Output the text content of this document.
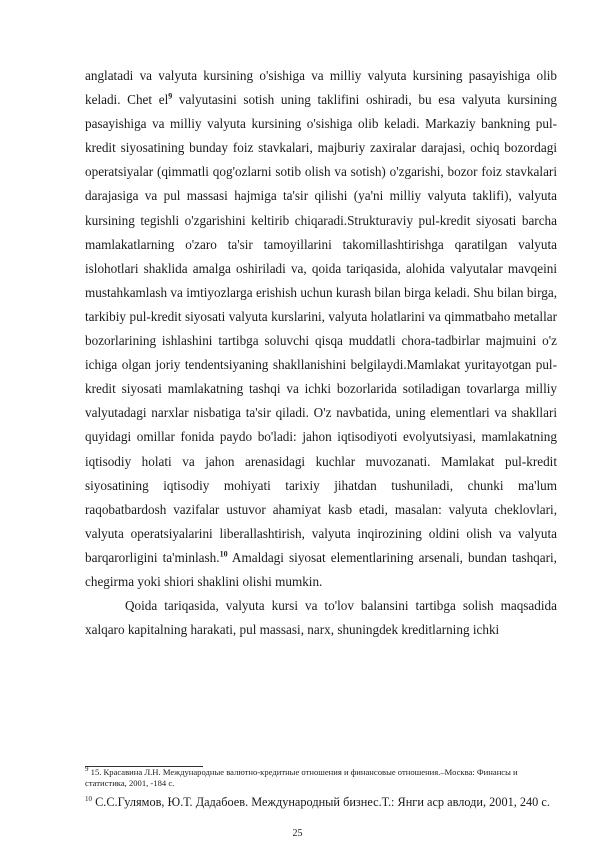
anglatadi va valyuta kursining o'sishiga va milliy valyuta kursining pasayishiga olib keladi. Chet $el^9$ valyutasini sotish uning taklifini oshiradi, bu esa valyuta kursining pasayishiga va milliy valyuta kursining o'sishiga olib keladi. Markaziy bankning pul-kredit siyosatining bunday foiz stavkalari, majburiy zaxiralar darajasi, ochiq bozordagi operatsiyalar (qimmatli qog'ozlarni sotib olish va sotish) o'zgarishi, bozor foiz stavkalari darajasiga va pul massasi hajmiga ta'sir qilishi (ya'ni milliy valyuta taklifi), valyuta kursining tegishli o'zgarishini keltirib chiqaradi.Strukturaviy pul-kredit siyosati barcha mamlakatlarning o'zaro ta'sir tamoyillarini takomillashtirishga qaratilgan valyuta islohotlari shaklida amalga oshiriladi va, qoida tariqasida, alohida valyutalar mavqeini mustahkamlash va imtiyozlarga erishish uchun kurash bilan birga keladi. Shu bilan birga, tarkibiy pul-kredit siyosati valyuta kurslarini, valyuta holatlarini va qimmatbaho metallar bozorlarining ishlashini tartibga soluvchi qisqa muddatli chora-tadbirlar majmuini o'z ichiga olgan joriy tendentsiyaning shakllanishini belgilaydi.Mamlakat yuritayotgan pul-kredit siyosati mamlakatning tashqi va ichki bozorlarida sotiladigan tovarlarga milliy valyutadagi narxlar nisbatiga ta'sir qiladi. O'z navbatida, uning elementlari va shakllari quyidagi omillar fonida paydo bo'ladi: jahon iqtisodiyoti evolyutsiyasi, mamlakatning iqtisodiy holati va jahon arenasidagi kuchlar muvozanati. Mamlakat pul-kredit siyosatining iqtisodiy mohiyati tarixiy jihatdan tushuniladi, chunki ma'lum raqobatbardosh vazifalar ustuvor ahamiyat kasb etadi, masalan: valyuta cheklovlari, valyuta operatsiyalarini liberallashtirish, valyuta inqirozining oldini olish va valyuta barqarorligini ta'minlash.$^{10}$ Amaldagi siyosat elementlarining arsenali, bundan tashqari, chegirma yoki shiori shaklini olishi mumkin.

Qoida tariqasida, valyuta kursi va to'lov balansini tartibga solish maqsadida xalqaro kapitalning harakati, pul massasi, narx, shuningdek kreditlarning ichki

$^9$ 15. Красавина Л.Н. Международные валютно-кредитные отношения и финансовые отношения.–Москва: Финансы и статистика, 2001, -184 с.

$^{10}$ С.С.Гулямов, Ю.Т. Дадабоев. Международный бизнес.Т.: Янги аср авлоди, 2001, 240 с.

25
